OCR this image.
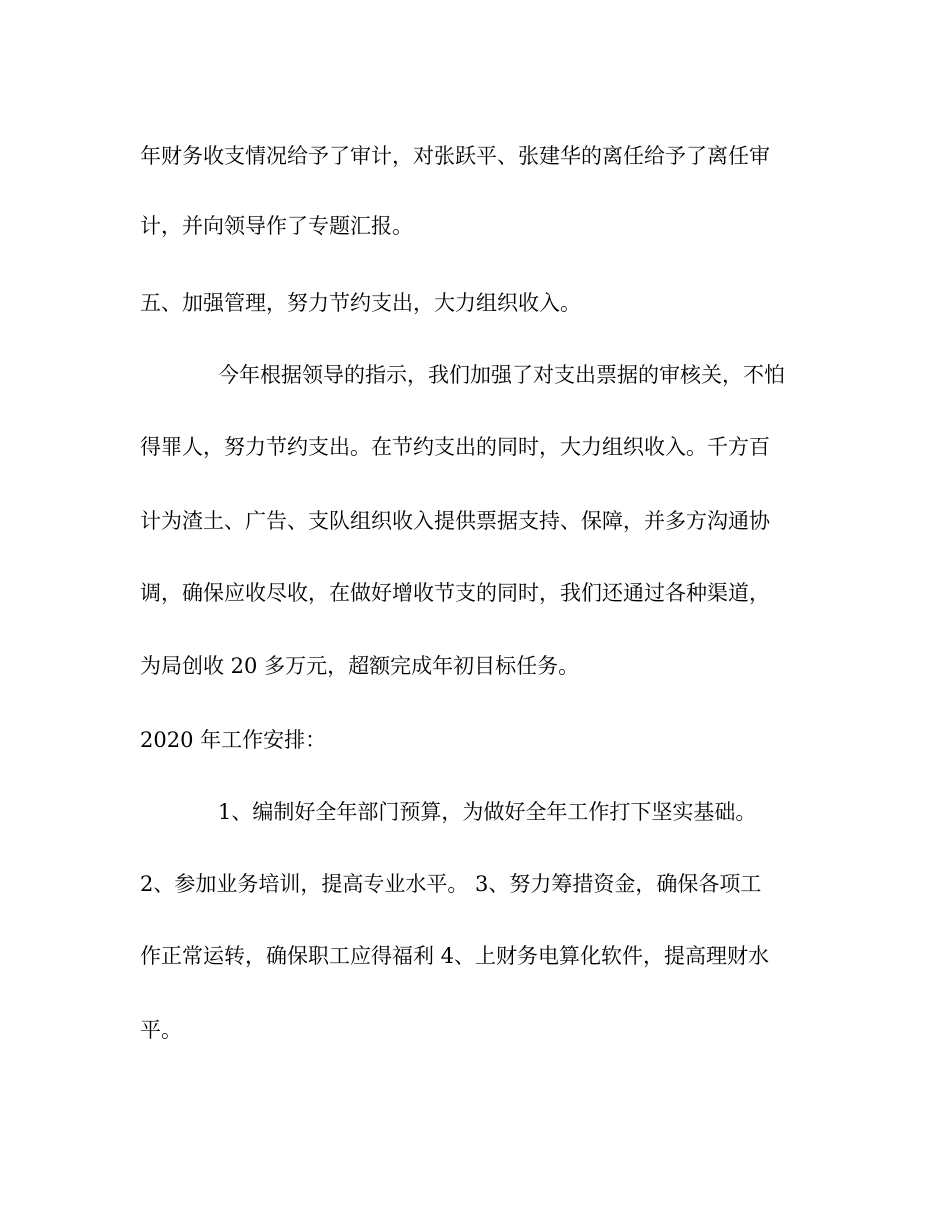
年财务收支情况给予了审计，对张跃平、张建华的离任给予了离任审
计，并向领导作了专题汇报。
五、加强管理，努力节约支出，大力组织收入。
今年根据领导的指示，我们加强了对支出票据的审核关，不怕
得罪人，努力节约支出。在节约支出的同时，大力组织收入。千方百
计为渣土、广告、支队组织收入提供票据支持、保障，并多方沟通协
调，确保应收尽收，在做好增收节支的同时，我们还通过各种渠道，
为局创收 20 多万元，超额完成年初目标任务。
2020 年工作安排：
1、编制好全年部门预算，为做好全年工作打下坚实基础。
2、参加业务培训，提高专业水平。 3、努力筹措资金，确保各项工
作正常运转，确保职工应得福利 4、上财务电算化软件，提高理财水
平。
